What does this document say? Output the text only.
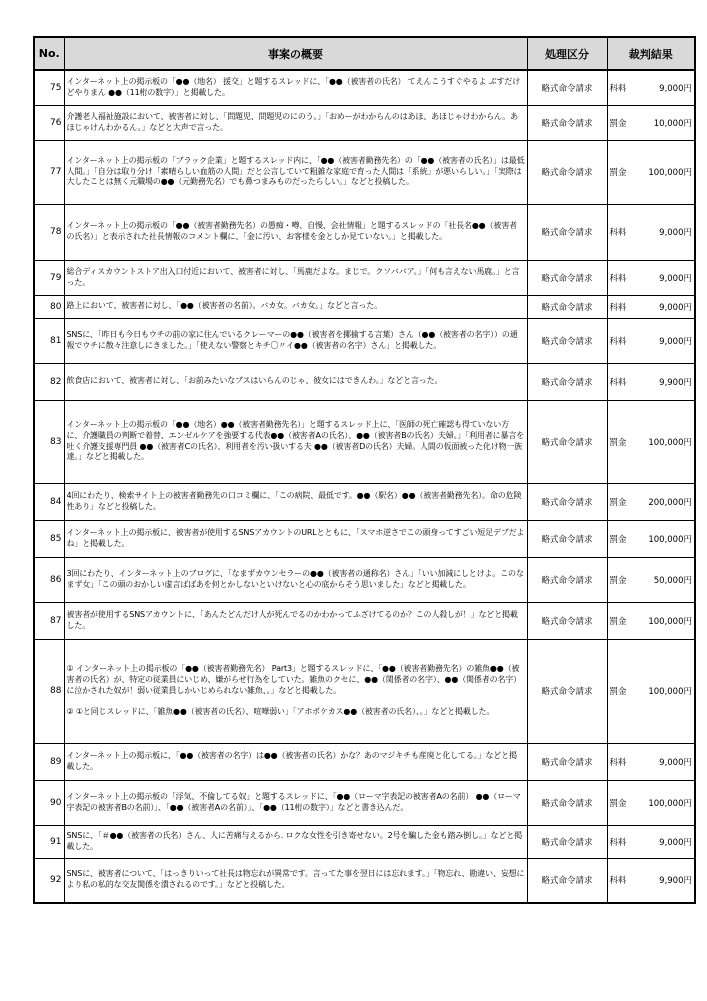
No.	事案の概要	処理区分	裁判結果
75	インターネット上の掲示板の「●●（地名） 援交」と題するスレッドに、「●●（被害者の氏名） てえんこうすぐやるよ ぶすだけどやりまん ●●（11桁の数字）」と掲載した。	略式命令請求	科料 9,000円

76	介護老人福祉施設において、被害者に対し、「問題児、問題児のにのう。」「おめーがわからんのはあほ、あほじゃけわからん。あほじゃけんわかるん。」などと大声で言った。	略式命令請求	罰金 10,000円

77	インターネット上の掲示板の「ブラック企業」と題するスレッド内に、「●●（被害者勤務先名）の「●●（被害者の氏名）」は最低人間。」「自分は取り分け「素晴らしい血筋の人間」だと公言していて粗雑な家庭で育った人間は「系統」が悪いらしい。」「実際は大したことは無く元職場の●●（元勤務先名）でも鼻つまみものだったらしい。」などと投稿した。	略式命令請求	罰金 100,000円

78	インターネット上の掲示板の「●●（被害者勤務先名）の愚痴・噂、自慢、会社情報」と題するスレッドの「社長名●●（被害者の氏名）」と表示された社長情報のコメント欄に、「金に汚い、お客様を金としか見ていない。」と掲載した。	略式命令請求	科料 9,000円

79	総合ディスカウントストア出入口付近において、被害者に対し、「馬鹿だよな。まじで。クソババア。」「何も言えない馬鹿。」と言った。	略式命令請求	科料 9,000円

80	路上において、被害者に対し、「●●（被害者の名前）。バカ女。バカ女。」などと言った。	略式命令請求	科料 9,000円

81	SNSに、「昨日も今日もウチの前の家に住んでいるクレーマーの●●（被害者を揶揄する言葉）さん（●●（被害者の名字））の通報でウチに散々注意しにきました。」「使えない警察とキチ〇〃イ●●（被害者の名字）さん」と掲載した。	略式命令請求	科料 9,000円

82	飲食店において、被害者に対し、「お前みたいなブスはいらんのじゃ、彼女にはできんわ。」などと言った。	略式命令請求	科料 9,900円

83	インターネット上の掲示板の「●●（地名）●●（被害者勤務先名）」と題するスレッド上に、「医師の死亡確認も得ていない方に、介護職員の判断で着替、エンゼルケアを強要する代表●●（被害者Aの氏名）、●●（被害者Bの氏名）夫婦。」「利用者に暴言を吐く介護支援専門員 ●●（被害者Cの氏名）、利用者を汚い扱いする夫 ●●（被害者Dの氏名）夫婦。人間の仮面被った化け物一族達。」などと掲載した。	略式命令請求	罰金 100,000円

84	4回にわたり、検索サイト上の被害者勤務先の口コミ欄に、「この病院、最低です。●●（駅名）●●（被害者勤務先名）。命の危険性あり」などと投稿した。	略式命令請求	罰金 200,000円

85	インターネット上の掲示板に、被害者が使用するSNSアカウントのURLとともに、「スマホ逆さでこの頭身ってすごい短足デブだよね」と掲載した。	略式命令請求	罰金 100,000円

86	3回にわたり、インターネット上のブログに、「なまずカウンセラーの●●（被害者の通称名）さん」「いい加減にしとけよ。このなまず女」「この頭のおかしい虚言ばばあを何とかしないといけないと心の底からそう思いました」などと掲載した。	略式命令請求	罰金 50,000円

87	被害者が使用するSNSアカウントに、「あんたどんだけ人が死んでるのかわかってふざけてるのか？この人殺しが！」などと掲載した。	略式命令請求	罰金 100,000円

88	① インターネット上の掲示板の「●●（被害者勤務先名） Part3」と題するスレッドに、「●●（被害者勤務先名）の雑魚●●（被害者の氏名）が、特定の従業員にいじめ、嫌がらせ行為をしていた。雑魚のクセに、●●（関係者の名字）、●●（関係者の名字）に泣かされた奴が！弱い従業員しかいじめられない雑魚、。」などと掲載した。

② ①と同じスレッドに、「雑魚●●（被害者の氏名）、喧嘩弱い」「アホボケカス●●（被害者の氏名）、。」などと掲載した。	略式命令請求	罰金 100,000円

89	インターネット上の掲示板に、「●●（被害者の名字）は●●（被害者の氏名）かな？あのマジキチも産廃と化してる。」などと掲載した。	略式命令請求	科料 9,000円

90	インターネット上の掲示板の「浮気、不倫してる奴」と題するスレッドに、「●●（ローマ字表記の被害者Aの名前） ●●（ローマ字表記の被害者Bの名前）」、「●●（被害者Aの名前）」、「●●（11桁の数字）」などと書き込んだ。	略式命令請求	罰金 100,000円

91	SNSに、「＃●●（被害者の氏名）さん、人に苦痛与えるから. ロクな女性を引き寄せない。2号を騙した金も踏み倒し。」などと掲載した。	略式命令請求	科料 9,000円

92	SNSに、被害者について、「はっきりいって社長は物忘れが異常です。言ってた事を翌日には忘れます。」「物忘れ、勘違い、妄想により私の私的な交友関係を潰されるのです。」などと投稿した。	略式命令請求	科料 9,900円
